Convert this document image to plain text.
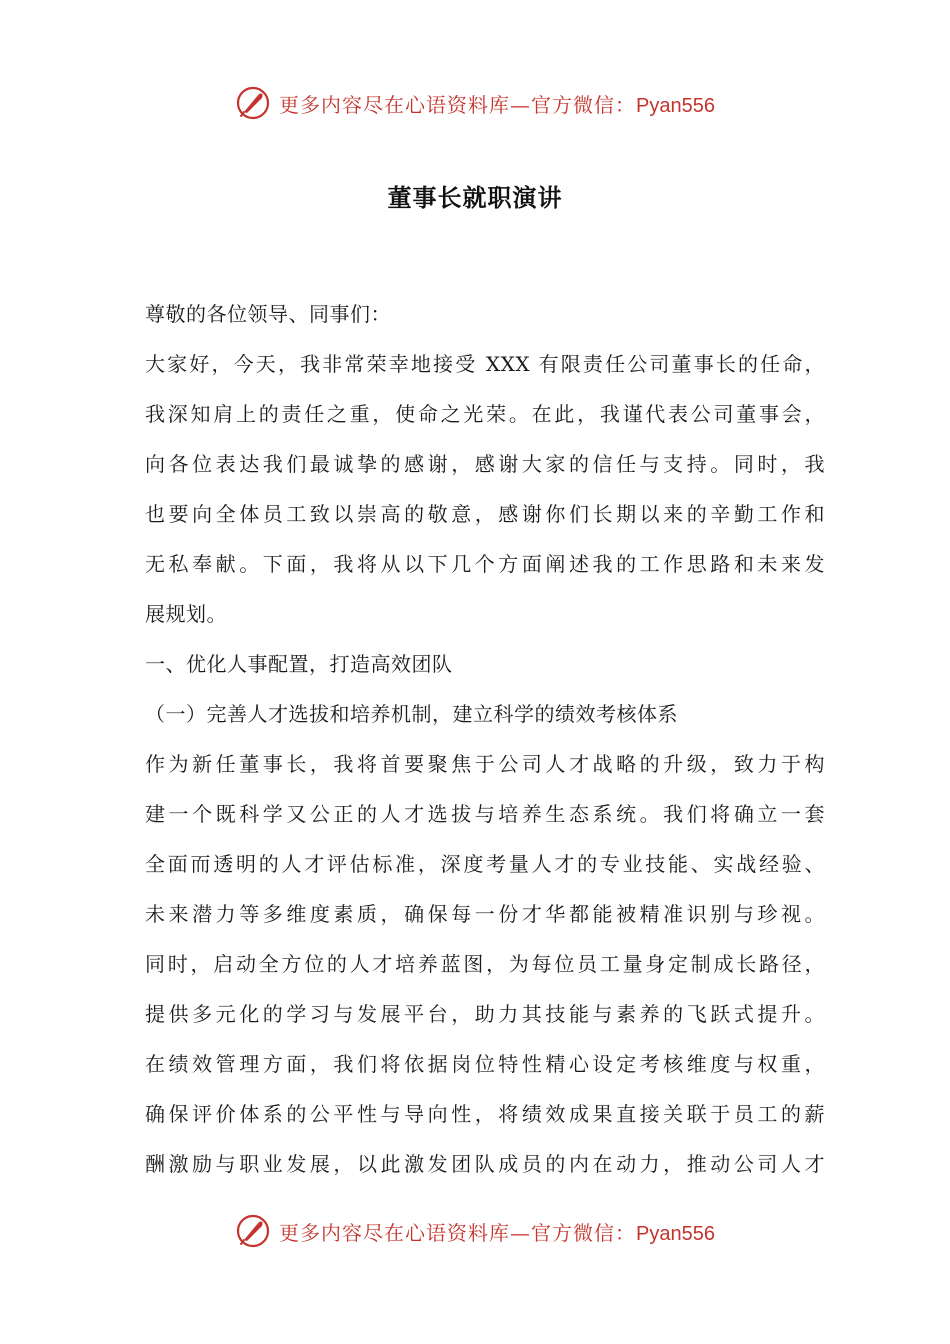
更多内容尽在心语资料库—官方微信：Pyan556
董事长就职演讲
尊敬的各位领导、同事们：
大家好，今天，我非常荣幸地接受 XXX 有限责任公司董事长的任命，
我深知肩上的责任之重，使命之光荣。在此，我谨代表公司董事会，
向各位表达我们最诚挚的感谢，感谢大家的信任与支持。同时，我
也要向全体员工致以崇高的敬意，感谢你们长期以来的辛勤工作和
无私奉献。下面，我将从以下几个方面阐述我的工作思路和未来发
展规划。
一、优化人事配置，打造高效团队
（一）完善人才选拔和培养机制，建立科学的绩效考核体系
作为新任董事长，我将首要聚焦于公司人才战略的升级，致力于构
建一个既科学又公正的人才选拔与培养生态系统。我们将确立一套
全面而透明的人才评估标准，深度考量人才的专业技能、实战经验、
未来潜力等多维度素质，确保每一份才华都能被精准识别与珍视。
同时，启动全方位的人才培养蓝图，为每位员工量身定制成长路径，
提供多元化的学习与发展平台，助力其技能与素养的飞跃式提升。
在绩效管理方面，我们将依据岗位特性精心设定考核维度与权重，
确保评价体系的公平性与导向性，将绩效成果直接关联于员工的薪
酬激励与职业发展，以此激发团队成员的内在动力，推动公司人才
更多内容尽在心语资料库—官方微信：Pyan556
